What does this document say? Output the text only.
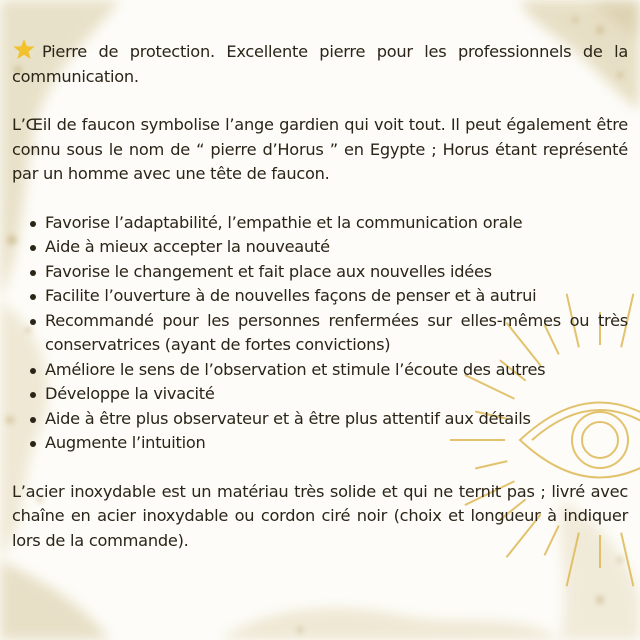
Pierre de protection. Excellente pierre pour les professionnels de la communication.

L’Œil de faucon symbolise l’ange gardien qui voit tout. Il peut également être connu sous le nom de “ pierre d’Horus ” en Egypte ; Horus étant représenté par un homme avec une tête de faucon.

Favorise l’adaptabilité, l’empathie et la communication orale
Aide à mieux accepter la nouveauté
Favorise le changement et fait place aux nouvelles idées
Facilite l’ouverture à de nouvelles façons de penser et à autrui
Recommandé pour les personnes renfermées sur elles-mêmes ou très conservatrices (ayant de fortes convictions)
Améliore le sens de l’observation et stimule l’écoute des autres
Développe la vivacité
Aide à être plus observateur et à être plus attentif aux détails
Augmente l’intuition

L’acier inoxydable est un matériau très solide et qui ne ternit pas ; livré avec chaîne en acier inoxydable ou cordon ciré noir (choix et longueur à indiquer lors de la commande).
